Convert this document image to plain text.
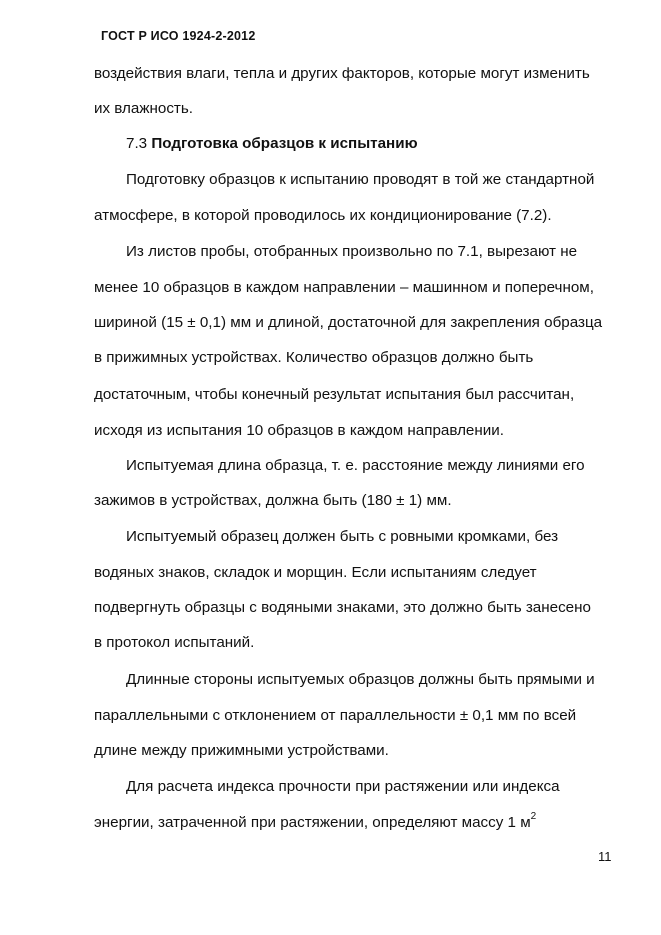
ГОСТ Р ИСО 1924-2-2012
воздействия влаги, тепла и других факторов, которые могут изменить
их влажность.
7.3 Подготовка образцов к испытанию
Подготовку образцов к испытанию проводят в той же стандартной
атмосфере, в которой проводилось их кондиционирование (7.2).
Из листов пробы, отобранных произвольно по 7.1, вырезают не
менее 10 образцов в каждом направлении – машинном и поперечном,
шириной (15 ± 0,1) мм и длиной, достаточной для закрепления образца
в прижимных устройствах. Количество образцов должно быть
достаточным, чтобы конечный результат испытания был рассчитан,
исходя из испытания 10 образцов в каждом направлении.
Испытуемая длина образца, т. е. расстояние между линиями его
зажимов в устройствах, должна быть (180 ± 1) мм.
Испытуемый образец должен быть с ровными кромками, без
водяных знаков, складок и морщин. Если испытаниям следует
подвергнуть образцы с водяными знаками, это должно быть занесено
в протокол испытаний.
Длинные стороны испытуемых образцов должны быть прямыми и
параллельными с отклонением от параллельности ± 0,1 мм по всей
длине между прижимными устройствами.
Для расчета индекса прочности при растяжении или индекса
энергии, затраченной при растяжении, определяют массу 1 $м^2$
11
